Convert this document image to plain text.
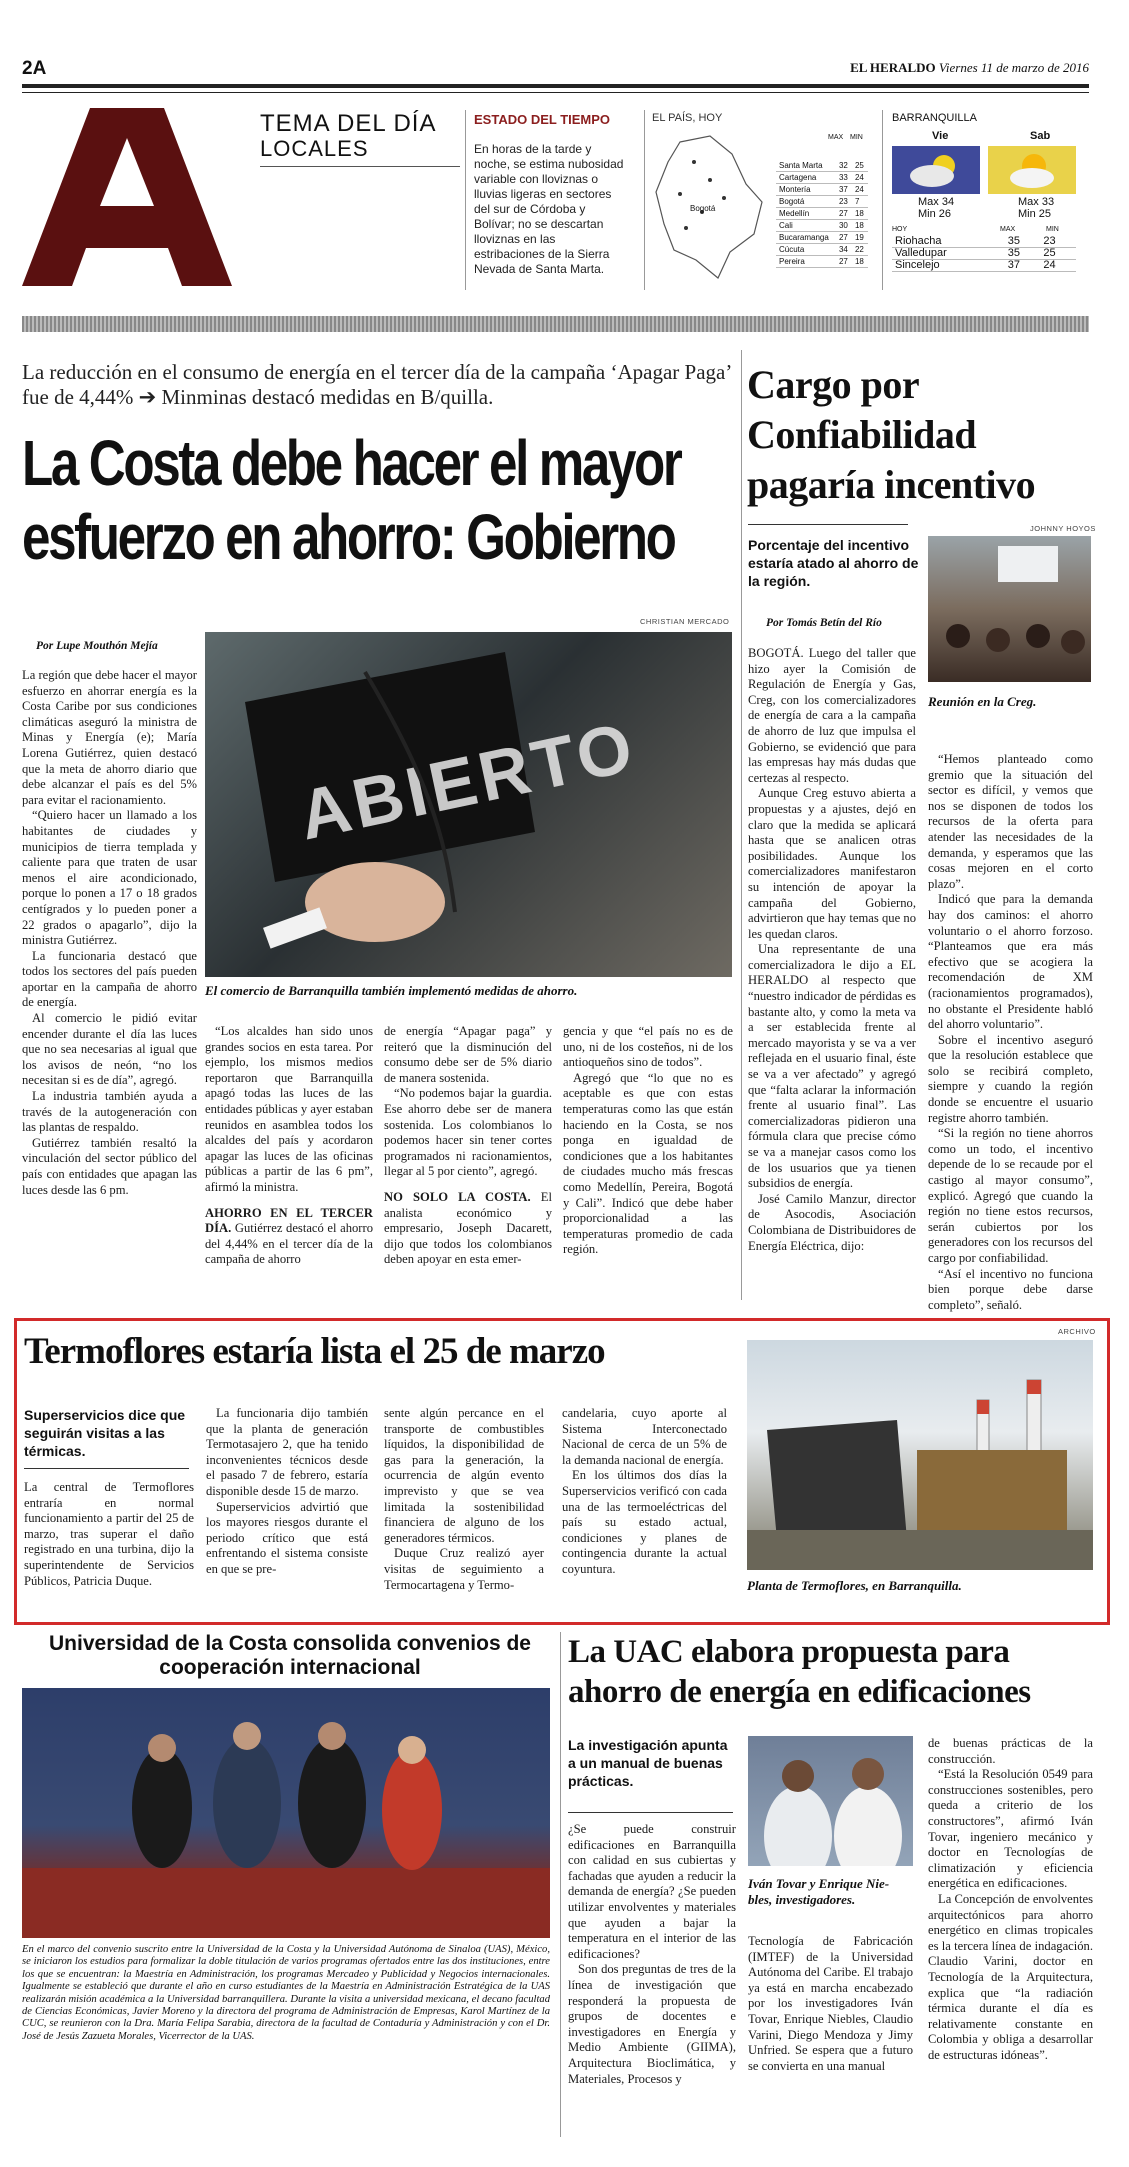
2A	EL HERALDO Viernes 11 de marzo de 2016
TEMA DEL DÍA
LOCALES
ESTADO DEL TIEMPO
En horas de la tarde y noche, se estima nubosidad variable con lloviznas o lluvias ligeras en sectores del sur de Córdoba y Bolívar; no se descartan lloviznas en las estribaciones de la Sierra Nevada de Santa Marta.
EL PAÍS, HOY
Bogotá
MAX MIN
Santa Marta	32	25
Cartagena	33	24
Montería	37	24
Bogotá	23	7
Medellín	27	18
Cali	30	18
Bucaramanga	27	19
Cúcuta	34	22
Pereira	27	18
BARRANQUILLA
Vie	Sab
Max 34
Min 26
Max 33
Min 25
HOY	MAX	MIN
Riohacha	35	23
Valledupar	35	25
Sincelejo	37	24
La reducción en el consumo de energía en el tercer día de la campaña ‘Apagar Paga’ fue de 4,44% ➔ Minminas destacó medidas en B/quilla.
La Costa debe hacer el mayor
esfuerzo en ahorro: Gobierno
CHRISTIAN MERCADO
Por Lupe Mouthón Mejía
ABIERTO
El comercio de Barranquilla también implementó medidas de ahorro.

La región que debe hacer el mayor esfuerzo en ahorrar energía es la Costa Caribe por sus condiciones climáticas aseguró la ministra de Minas y Energía (e); María Lorena Gutiérrez, quien destacó que la meta de ahorro diario que debe alcanzar el país es del 5% para evitar el racionamiento.

“Quiero hacer un llamado a los habitantes de ciudades y municipios de tierra templada y caliente para que traten de usar menos el aire acondicionado, porque lo ponen a 17 o 18 grados centígrados y lo pueden poner a 22 grados o apagarlo”, dijo la ministra Gutiérrez.

La funcionaria destacó que todos los sectores del país pueden aportar en la campaña de ahorro de energía.

Al comercio le pidió evitar encender durante el día las luces que no sea necesarias al igual que los avisos de neón, “no los necesitan si es de día”, agregó.

La industria también ayuda a través de la autogeneración con las plantas de respaldo.

Gutiérrez también resaltó la vinculación del sector público del país con entidades que apagan las luces desde las 6 pm.

“Los alcaldes han sido unos grandes socios en esta tarea. Por ejemplo, los mismos medios reportaron que Barranquilla apagó todas las luces de las entidades públicas y ayer estaban reunidos en asamblea todos los alcaldes del país y acordaron apagar las luces de las oficinas públicas a partir de las 6 pm”, afirmó la ministra.

AHORRO EN EL TERCER DÍA. Gutiérrez destacó el ahorro del 4,44% en el tercer día de la campaña de ahorro

de energía “Apagar paga” y reiteró que la disminución del consumo debe ser de 5% diario de manera sostenida.

“No podemos bajar la guardia. Ese ahorro debe ser de manera sostenida. Los colombianos lo podemos hacer sin tener cortes programados ni racionamientos, llegar al 5 por ciento”, agregó.

NO SOLO LA COSTA. El analista económico y empresario, Joseph Dacarett, dijo que todos los colombianos deben apoyar en esta emer-

gencia y que “el país no es de uno, ni de los costeños, ni de los antioqueños sino de todos”.

Agregó que “lo que no es aceptable es que con estas temperaturas como las que están haciendo en la Costa, se nos ponga en igualdad de condiciones que a los habitantes de ciudades mucho más frescas como Medellín, Pereira, Bogotá y Cali”. Indicó que debe haber proporcionalidad a las temperaturas promedio de cada región.

Cargo por Confiabilidad pagaría incentivo
Porcentaje del incentivo estaría atado al ahorro de la región.
JOHNNY HOYOS
Reunión en la Creg.
Por Tomás Betín del Río

BOGOTÁ. Luego del taller que hizo ayer la Comisión de Regulación de Energía y Gas, Creg, con los comercializadores de energía de cara a la campaña de ahorro de luz que impulsa el Gobierno, se evidenció que para las empresas hay más dudas que certezas al respecto.

Aunque Creg estuvo abierta a propuestas y a ajustes, dejó en claro que la medida se aplicará hasta que se analicen otras posibilidades. Aunque los comercializadores manifestaron su intención de apoyar la campaña del Gobierno, advirtieron que hay temas que no les quedan claros.

Una representante de una comercializadora le dijo a EL HERALDO al respecto que “nuestro indicador de pérdidas es bastante alto, y como la meta va a ser establecida frente al mercado mayorista y se va a ver reflejada en el usuario final, éste se va a ver afectado” y agregó que “falta aclarar la información frente al usuario final”. Las comercializadoras pidieron una fórmula clara que precise cómo se va a manejar casos como los de los usuarios que ya tienen subsidios de energía.

José Camilo Manzur, director de Asocodis, Asociación Colombiana de Distribuidores de Energía Eléctrica, dijo:

“Hemos planteado como gremio que la situación del sector es difícil, y vemos que nos se disponen de todos los recursos de la oferta para atender las necesidades de la demanda, y esperamos que las cosas mejoren en el corto plazo”.

Indicó que para la demanda hay dos caminos: el ahorro voluntario o el ahorro forzoso. “Planteamos que era más efectivo que se acogiera la recomendación de XM (racionamientos programados), no obstante el Presidente habló del ahorro voluntario”.

Sobre el incentivo aseguró que la resolución establece que solo se recibirá completo, siempre y cuando la región donde se encuentre el usuario registre ahorro también.

“Si la región no tiene ahorros como un todo, el incentivo depende de lo se recaude por el castigo al mayor consumo”, explicó. Agregó que cuando la región no tiene estos recursos, serán cubiertos por los generadores con los recursos del cargo por confiabilidad.

“Así el incentivo no funciona bien porque debe darse completo”, señaló.

ARCHIVO
Termoflores estaría lista el 25 de marzo
Superservicios dice que seguirán visitas a las térmicas.

La central de Termoflores entraría en normal funcionamiento a partir del 25 de marzo, tras superar el daño registrado en una turbina, dijo la superintendente de Servicios Públicos, Patricia Duque.

La funcionaria dijo también que la planta de generación Termotasajero 2, que ha tenido inconvenientes técnicos desde el pasado 7 de febrero, estaría disponible desde 15 de marzo.

Superservicios advirtió que los mayores riesgos durante el periodo crítico que está enfrentando el sistema consiste en que se pre-

sente algún percance en el transporte de combustibles líquidos, la disponibilidad de gas para la generación, la ocurrencia de algún evento imprevisto y que se vea limitada la sostenibilidad financiera de alguno de los generadores térmicos.

Duque Cruz realizó ayer visitas de seguimiento a Termocartagena y Termo-

candelaria, cuyo aporte al Sistema Interconectado Nacional de cerca de un 5% de la demanda nacional de energía.

En los últimos dos días la Superservicios verificó con cada una de las termoeléctricas del país su estado actual, condiciones y planes de contingencia durante la actual coyuntura.

Planta de Termoflores, en Barranquilla.
Universidad de la Costa consolida convenios de cooperación internacional
En el marco del convenio suscrito entre la Universidad de la Costa y la Universidad Autónoma de Sinaloa (UAS), México, se iniciaron los estudios para formalizar la doble titulación de varios programas ofertados entre las dos instituciones, entre los que se encuentran: la Maestría en Administración, los programas Mercadeo y Publicidad y Negocios internacionales. Igualmente se estableció que durante el año en curso estudiantes de la Maestría en Administración Estratégica de la UAS realizarán misión académica a la Universidad barranquillera. Durante la visita a universidad mexicana, el decano facultad de Ciencias Económicas, Javier Moreno y la directora del programa de Administración de Empresas, Karol Martínez de la CUC, se reunieron con la Dra. María Felipa Sarabia, directora de la facultad de Contaduría y Administración y con el Dr. José de Jesús Zazueta Morales, Vicerrector de la UAS.
La UAC elabora propuesta para ahorro de energía en edificaciones
La investigación apunta a un manual de buenas prácticas.
Iván Tovar y Enrique Nie- bles, investigadores.

¿Se puede construir edificaciones en Barranquilla con calidad en sus cubiertas y fachadas que ayuden a reducir la demanda de energía? ¿Se pueden utilizar envolventes y materiales que ayuden a bajar la temperatura en el interior de las edificaciones?

Son dos preguntas de tres de la línea de investigación que responderá la propuesta de grupos de docentes e investigadores en Energía y Medio Ambiente (GIIMA), Arquitectura Bioclimática, y Materiales, Procesos y

Tecnología de Fabricación (IMTEF) de la Universidad Autónoma del Caribe. El trabajo ya está en marcha encabezado por los investigadores Iván Tovar, Enrique Niebles, Claudio Varini, Diego Mendoza y Jimy Unfried. Se espera que a futuro se convierta en una manual

de buenas prácticas de la construcción.

“Está la Resolución 0549 para construcciones sostenibles, pero queda a criterio de los constructores”, afirmó Iván Tovar, ingeniero mecánico y doctor en Tecnologías de climatización y eficiencia energética en edificaciones.

La Concepción de envolventes arquitectónicos para ahorro energético en climas tropicales es la tercera línea de indagación. Claudio Varini, doctor en Tecnología de la Arquitectura, explica que “la radiación térmica durante el día es relativamente constante en Colombia y obliga a desarrollar de estructuras idóneas”.
